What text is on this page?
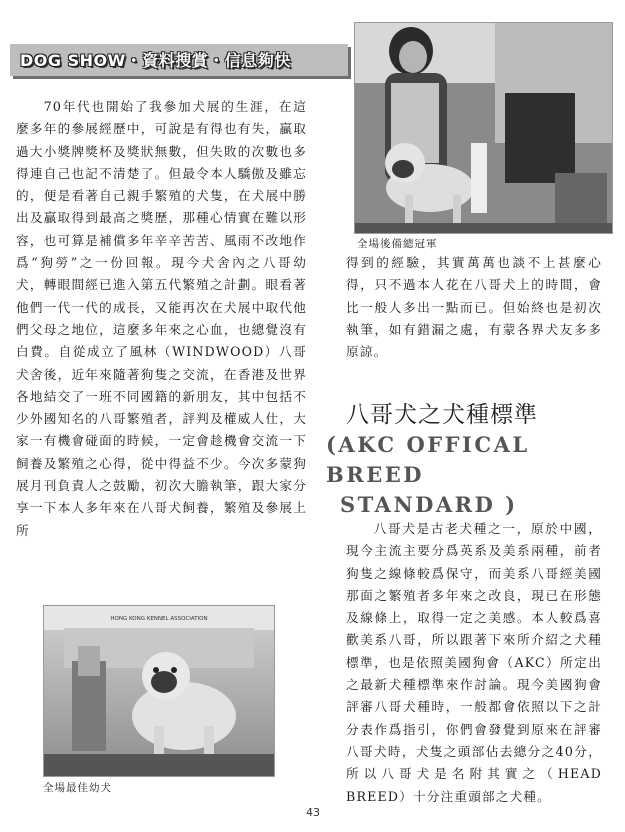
DOG SHOW・資料搜賞・信息夠快

70年代也開始了我參加犬展的生涯，在這麼多年的參展經歷中，可說是有得也有失，贏取過大小獎牌獎杯及獎狀無數，但失敗的次數也多得連自己也記不清楚了。但最令本人驕傲及雖忘的，便是看著自己親手繁殖的犬隻，在犬展中勝出及贏取得到最高之獎歷，那種心情實在難以形容，也可算是補償多年辛辛苦苦、風雨不改地作爲“狗勞”之一份回報。現今犬舍內之八哥幼犬，轉眼間經已進入第五代繁殖之計劃。眼看著他們一代一代的成長，又能再次在犬展中取代他們父母之地位，這麼多年來之心血，也總覺沒有白費。自從成立了風林（WINDWOOD）八哥犬舍後，近年來隨著狗隻之交流，在香港及世界各地結交了一班不同國籍的新朋友，其中包括不少外國知名的八哥繁殖者，評判及權威人仕，大家一有機會碰面的時候，一定會趁機會交流一下飼養及繁殖之心得，從中得益不少。今次多蒙狗展月刊負責人之鼓勵，初次大膽執筆，跟大家分享一下本人多年來在八哥犬飼養，繁殖及參展上所

全場後備總冠軍

得到的經驗，其實萬萬也談不上甚麼心得，只不過本人花在八哥犬上的時間，會比一般人多出一點而已。但始終也是初次執筆，如有錯漏之處，有蒙各界犬友多多原諒。

八哥犬之犬種標準
(AKC OFFICAL BREED
STANDARD )

八哥犬是古老犬種之一，原於中國，現今主流主要分爲英系及美系兩種，前者狗隻之線條較爲保守，而美系八哥經美國那面之繁殖者多年來之改良，現已在形態及線條上，取得一定之美感。本人較爲喜歡美系八哥，所以跟著下來所介紹之犬種標準，也是依照美國狗會（AKC）所定出之最新犬種標準來作討論。現今美國狗會評審八哥犬種時，一般都會依照以下之計分表作爲指引，你們會發覺到原來在評審八哥犬時，犬隻之頭部佔去總分之40分，所以八哥犬是名附其實之（HEAD BREED）十分注重頭部之犬種。

HONG KONG KENNEL ASSOCIATION
全場最佳幼犬
43
